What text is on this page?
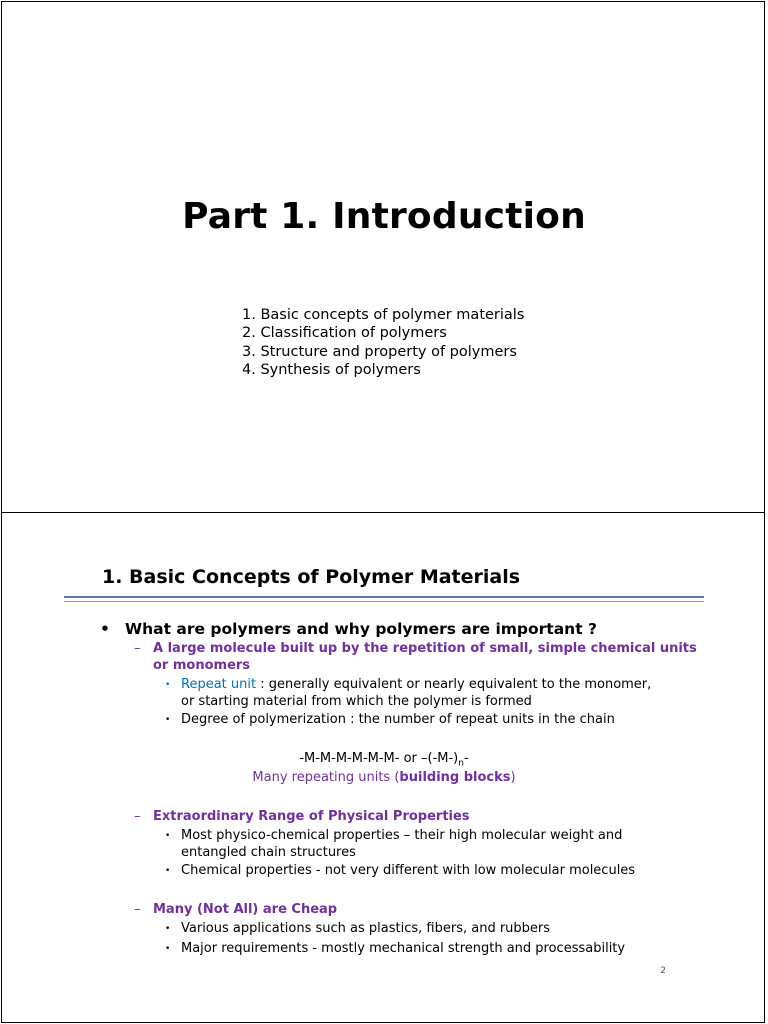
Part 1. Introduction
1. Basic concepts of polymer materials
2. Classification of polymers
3. Structure and property of polymers
4. Synthesis of polymers
1. Basic Concepts of Polymer Materials
• What are polymers and why polymers are important ?
– A large molecule built up by the repetition of small, simple chemical units
or monomers
• Repeat unit : generally equivalent or nearly equivalent to the monomer,
or starting material from which the polymer is formed
• Degree of polymerization : the number of repeat units in the chain
-M-M-M-M-M-M- or $-(-M-)_n-$
Many repeating units (building blocks)
– Extraordinary Range of Physical Properties
• Most physico-chemical properties – their high molecular weight and
entangled chain structures
• Chemical properties - not very different with low molecular molecules
– Many (Not All) are Cheap
• Various applications such as plastics, fibers, and rubbers
• Major requirements - mostly mechanical strength and processability
2
